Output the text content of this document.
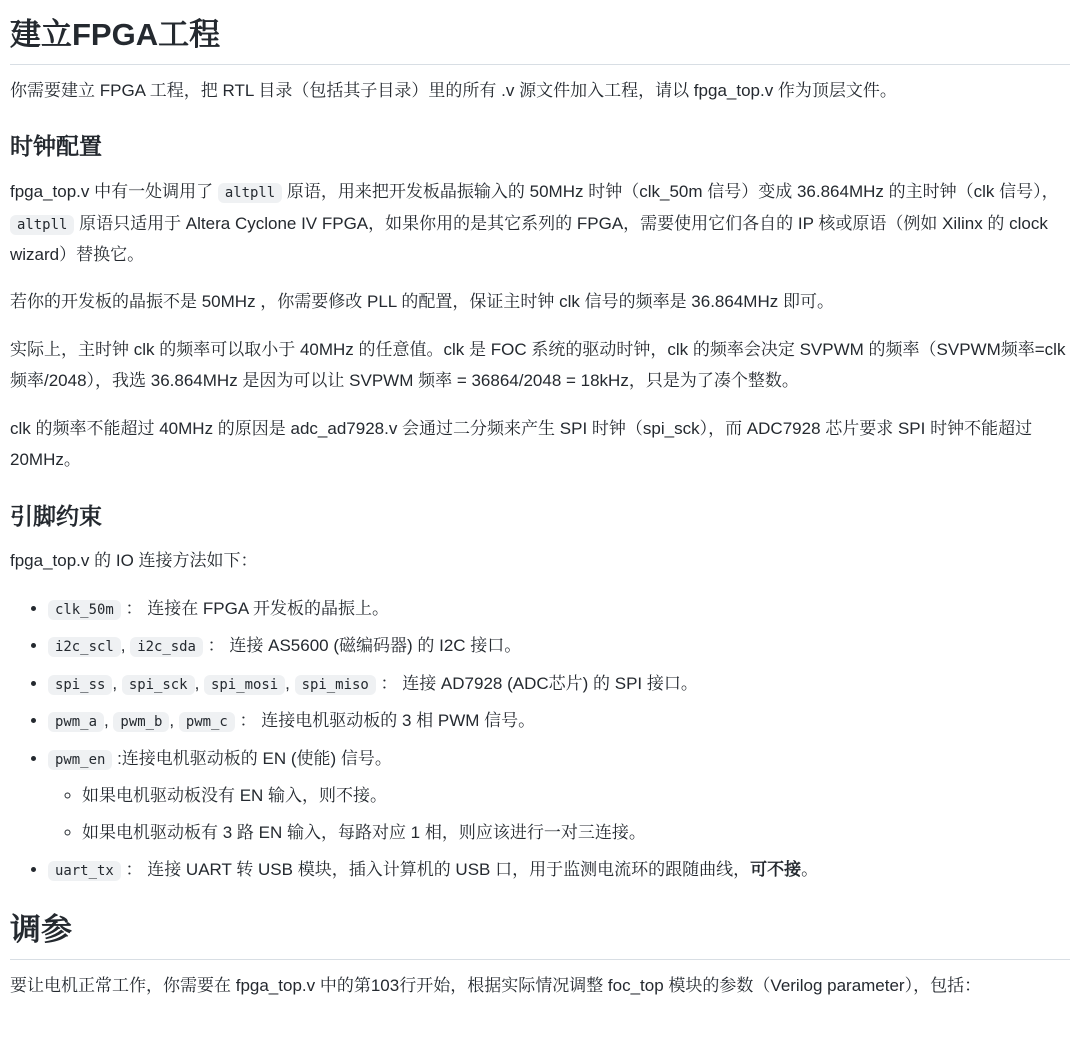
建立FPGA工程

你需要建立 FPGA 工程，把 RTL 目录（包括其子目录）里的所有 .v 源文件加入工程，请以 fpga_top.v 作为顶层文件。

时钟配置

fpga_top.v 中有一处调用了 altpll 原语，用来把开发板晶振输入的 50MHz 时钟（clk_50m 信号）变成 36.864MHz 的主时钟（clk 信号）， altpll 原语只适用于 Altera Cyclone IV FPGA，如果你用的是其它系列的 FPGA，需要使用它们各自的 IP 核或原语（例如 Xilinx 的 clock wizard）替换它。

若你的开发板的晶振不是 50MHz ，你需要修改 PLL 的配置，保证主时钟 clk 信号的频率是 36.864MHz 即可。

实际上，主时钟 clk 的频率可以取小于 40MHz 的任意值。clk 是 FOC 系统的驱动时钟，clk 的频率会决定 SVPWM 的频率（SVPWM频率=clk 频率/2048），我选 36.864MHz 是因为可以让 SVPWM 频率 = 36864/2048 = 18kHz，只是为了凑个整数。

clk 的频率不能超过 40MHz 的原因是 adc_ad7928.v 会通过二分频来产生 SPI 时钟（spi_sck），而 ADC7928 芯片要求 SPI 时钟不能超过 20MHz。

引脚约束

fpga_top.v 的 IO 连接方法如下：

• clk_50m ： 连接在 FPGA 开发板的晶振上。
• i2c_scl , i2c_sda ： 连接 AS5600 (磁编码器) 的 I2C 接口。
• spi_ss , spi_sck , spi_mosi , spi_miso ： 连接 AD7928 (ADC芯片) 的 SPI 接口。
• pwm_a , pwm_b , pwm_c ： 连接电机驱动板的 3 相 PWM 信号。
• pwm_en :连接电机驱动板的 EN (使能) 信号。
◦ 如果电机驱动板没有 EN 输入，则不接。
◦ 如果电机驱动板有 3 路 EN 输入，每路对应 1 相，则应该进行一对三连接。
• uart_tx ： 连接 UART 转 USB 模块，插入计算机的 USB 口，用于监测电流环的跟随曲线，可不接。
调参

要让电机正常工作，你需要在 fpga_top.v 中的第103行开始，根据实际情况调整 foc_top 模块的参数（Verilog parameter），包括：
